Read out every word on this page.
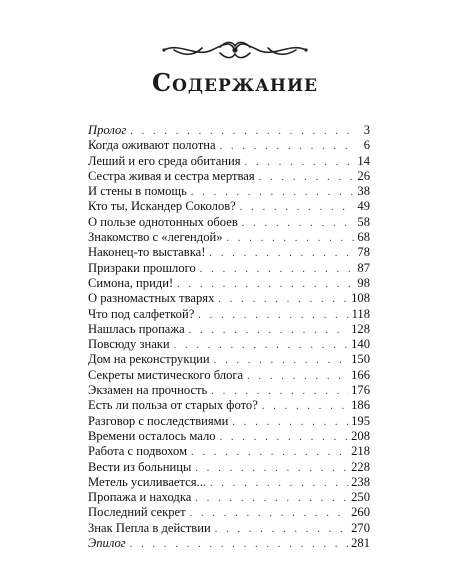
Содержание
Пролог . . .	3
Когда оживают полотна . . .	6
Леший и его среда обитания . . .	14
Сестра живая и сестра мертвая . . .	26
И стены в помощь . . .	38
Кто ты, Искандер Соколов? . . .	49
О пользе однотонных обоев . . .	58
Знакомство с «легендой» . . .	68
Наконец-то выставка! . . .	78
Призраки прошлого . . .	87
Симона, приди! . . .	98
О разномастных тварях . . .	108
Что под салфеткой? . . .	118
Нашлась пропажа . . .	128
Повсюду знаки . . .	140
Дом на реконструкции . . .	150
Секреты мистического блога . . .	166
Экзамен на прочность . . .	176
Есть ли польза от старых фото? . . .	186
Разговор с последствиями . . .	195
Времени осталось мало . . .	208
Работа с подвохом . . .	218
Вести из больницы . . .	228
Метель усиливается... . . .	238
Пропажа и находка . . .	250
Последний секрет . . .	260
Знак Пепла в действии . . .	270
Эпилог . . .	281
